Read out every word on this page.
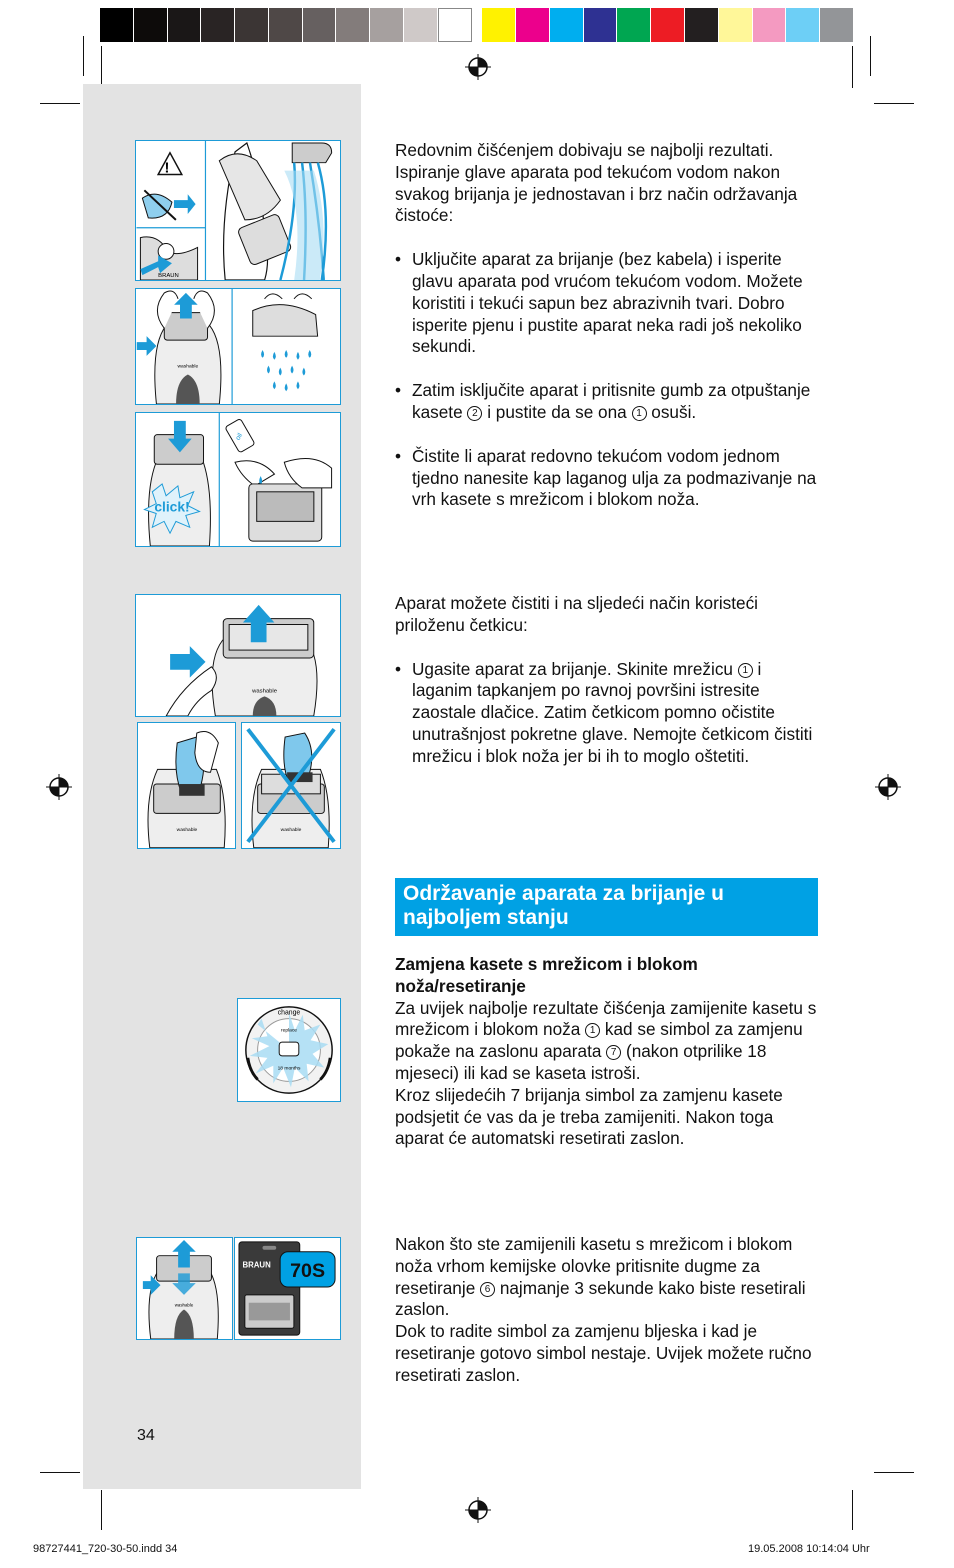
!
BRAUN
washable
click!
oil
washable
washable	washable
change
replace
18 months
washable
BRAUN 70S

Redovnim čišćenjem dobivaju se najbolji rezultati. Ispiranje glave aparata pod tekućom vodom nakon svakog brijanja je jednostavan i brz način održavanja čistoće:

• Uključite aparat za brijanje (bez kabela) i isperite glavu aparata pod vrućom tekućom vodom. Možete koristiti i tekući sapun bez abrazivnih tvari. Dobro isperite pjenu i pustite aparat neka radi još nekoliko sekundi.

• Zatim isključite aparat i pritisnite gumb za otpuštanje kasete 2 i pustite da se ona 1 osuši.

• Čistite li aparat redovno tekućom vodom jednom tjedno nanesite kap laganog ulja za podmazivanje na vrh kasete s mrežicom i blokom noža.

Aparat možete čistiti i na sljedeći način koristeći priloženu četkicu:

• Ugasite aparat za brijanje. Skinite mrežicu 1 i laganim tapkanjem po ravnoj površini istresite zaostale dlačice. Zatim četkicom pomno očistite unutrašnjost pokretne glave. Nemojte četkicom čistiti mrežicu i blok noža jer bi ih to moglo oštetiti.

Održavanje aparata za brijanje u najboljem stanju

Zamjena kasete s mrežicom i blokom noža/resetiranje

Za uvijek najbolje rezultate čišćenja zamijenite kasetu s mrežicom i blokom noža 1 kad se simbol za zamjenu pokaže na zaslonu aparata 7 (nakon otprilike 18 mjeseci) ili kad se kaseta istroši.

Kroz slijedećih 7 brijanja simbol za zamjenu kasete podsjetit će vas da je treba zamijeniti. Nakon toga aparat će automatski resetirati zaslon.

Nakon što ste zamijenili kasetu s mrežicom i blokom noža vrhom kemijske olovke pritisnite dugme za resetiranje 6 najmanje 3 sekunde kako biste resetirali zaslon.

Dok to radite simbol za zamjenu bljeska i kad je resetiranje gotovo simbol nestaje. Uvijek možete ručno resetirati zaslon.

34
98727441_720-30-50.indd 34	19.05.2008 10:14:04 Uhr
